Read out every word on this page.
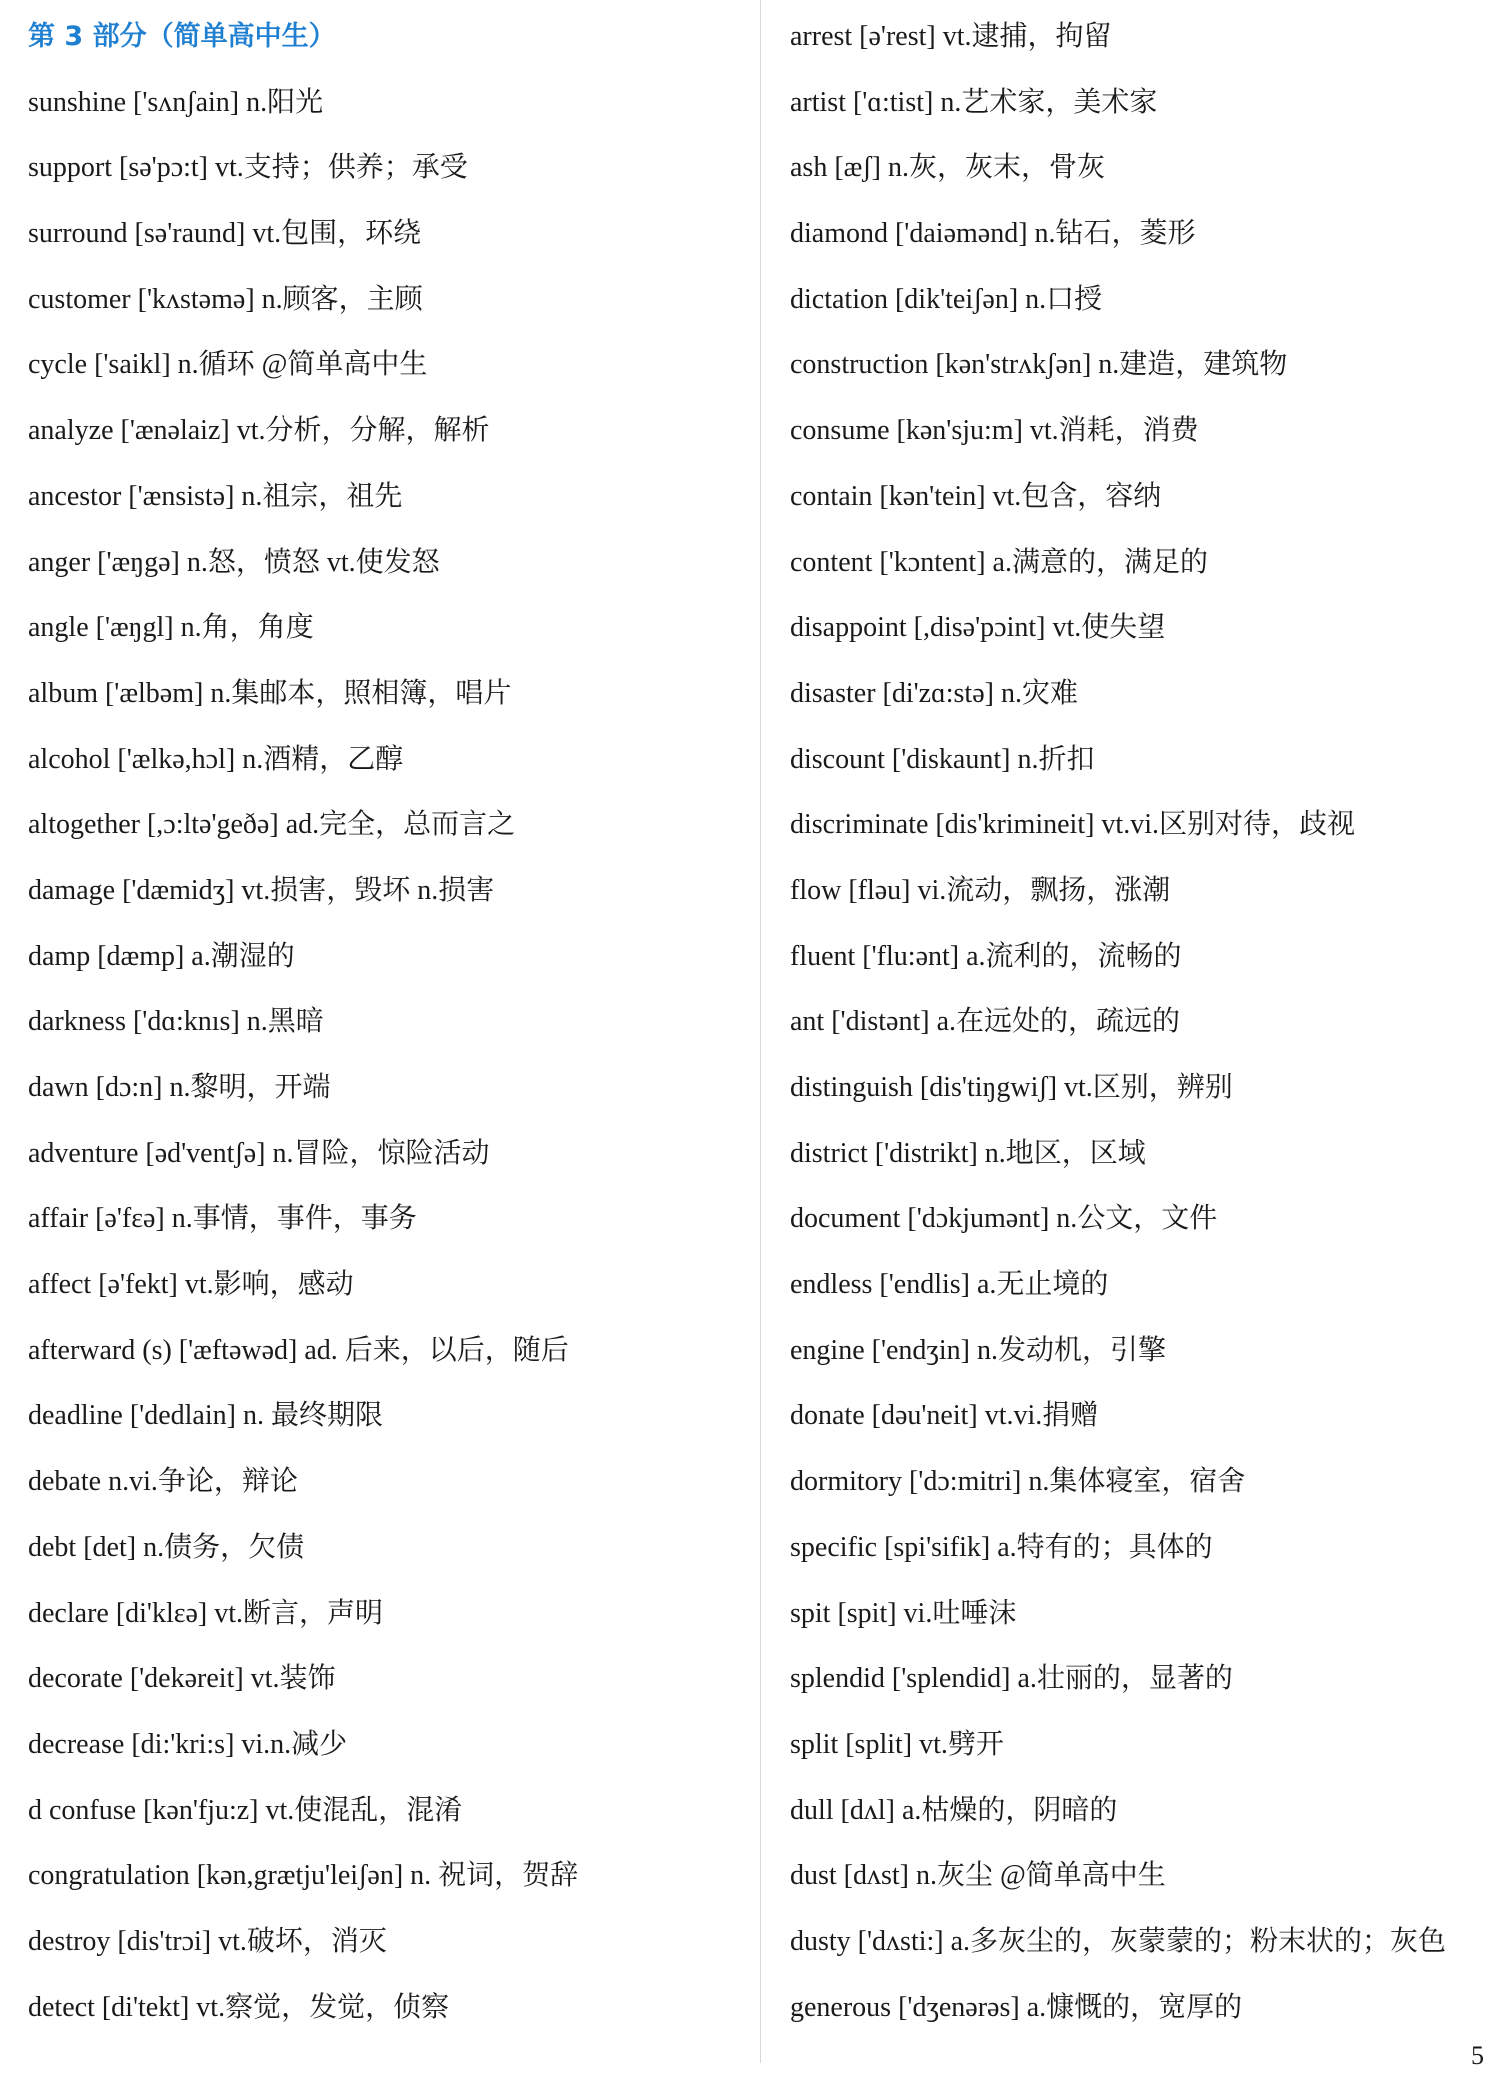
第 3 部分（简单高中生）
sunshine ['sʌnʃain] n.阳光
support [sə'pɔ:t] vt.支持；供养；承受
surround [sə'raund] vt.包围，环绕
customer ['kʌstəmə] n.顾客，主顾
cycle ['saikl] n.循环 @简单高中生
analyze ['ænəlaiz] vt.分析，分解，解析
ancestor ['ænsistə] n.祖宗，祖先
anger ['æŋgə] n.怒，愤怒 vt.使发怒
angle ['æŋgl] n.角，角度
album ['ælbəm] n.集邮本，照相簿，唱片
alcohol ['ælkə,hɔl] n.酒精，乙醇
altogether [,ɔ:ltə'geðə] ad.完全，总而言之
damage ['dæmidʒ] vt.损害，毁坏 n.损害
damp [dæmp] a.潮湿的
darkness ['dɑ:knıs] n.黑暗
dawn [dɔ:n] n.黎明，开端
adventure [əd'ventʃə] n.冒险，惊险活动
affair [ə'fɛə] n.事情，事件，事务
affect [ə'fekt] vt.影响，感动
afterward (s) ['æftəwəd] ad. 后来，以后，随后
deadline ['dedlain] n. 最终期限
debate n.vi.争论，辩论
debt [det] n.债务，欠债
declare [di'klɛə] vt.断言，声明
decorate ['dekəreit] vt.装饰
decrease [di:'kri:s] vi.n.减少
d confuse [kən'fju:z] vt.使混乱，混淆
congratulation [kən,grætju'leiʃən] n. 祝词，贺辞
destroy [dis'trɔi] vt.破坏，消灭
detect [di'tekt] vt.察觉，发觉，侦察
arrest [ə'rest] vt.逮捕，拘留
artist ['ɑ:tist] n.艺术家，美术家
ash [æʃ] n.灰，灰末，骨灰
diamond ['daiəmənd] n.钻石，菱形
dictation [dik'teiʃən] n.口授
construction [kən'strʌkʃən] n.建造，建筑物
consume [kən'sju:m] vt.消耗，消费
contain [kən'tein] vt.包含，容纳
content ['kɔntent] a.满意的，满足的
disappoint [,disə'pɔint] vt.使失望
disaster [di'zɑ:stə] n.灾难
discount ['diskaunt] n.折扣
discriminate [dis'krimineit] vt.vi.区别对待，歧视
flow [fləu] vi.流动，飘扬，涨潮
fluent ['flu:ənt] a.流利的，流畅的
ant ['distənt] a.在远处的，疏远的
distinguish [dis'tiŋgwiʃ] vt.区别，辨别
district ['distrikt] n.地区，区域
document ['dɔkjumənt] n.公文，文件
endless ['endlis] a.无止境的
engine ['endʒin] n.发动机，引擎
donate [dəu'neit] vt.vi.捐赠
dormitory ['dɔ:mitri] n.集体寝室，宿舍
specific [spi'sifik] a.特有的；具体的
spit [spit] vi.吐唾沫
splendid ['splendid] a.壮丽的，显著的
split [split] vt.劈开
dull [dʌl] a.枯燥的，阴暗的
dust [dʌst] n.灰尘 @简单高中生
dusty ['dʌsti:] a.多灰尘的，灰蒙蒙的；粉末状的；灰色
generous ['dʒenərəs] a.慷慨的，宽厚的
5
